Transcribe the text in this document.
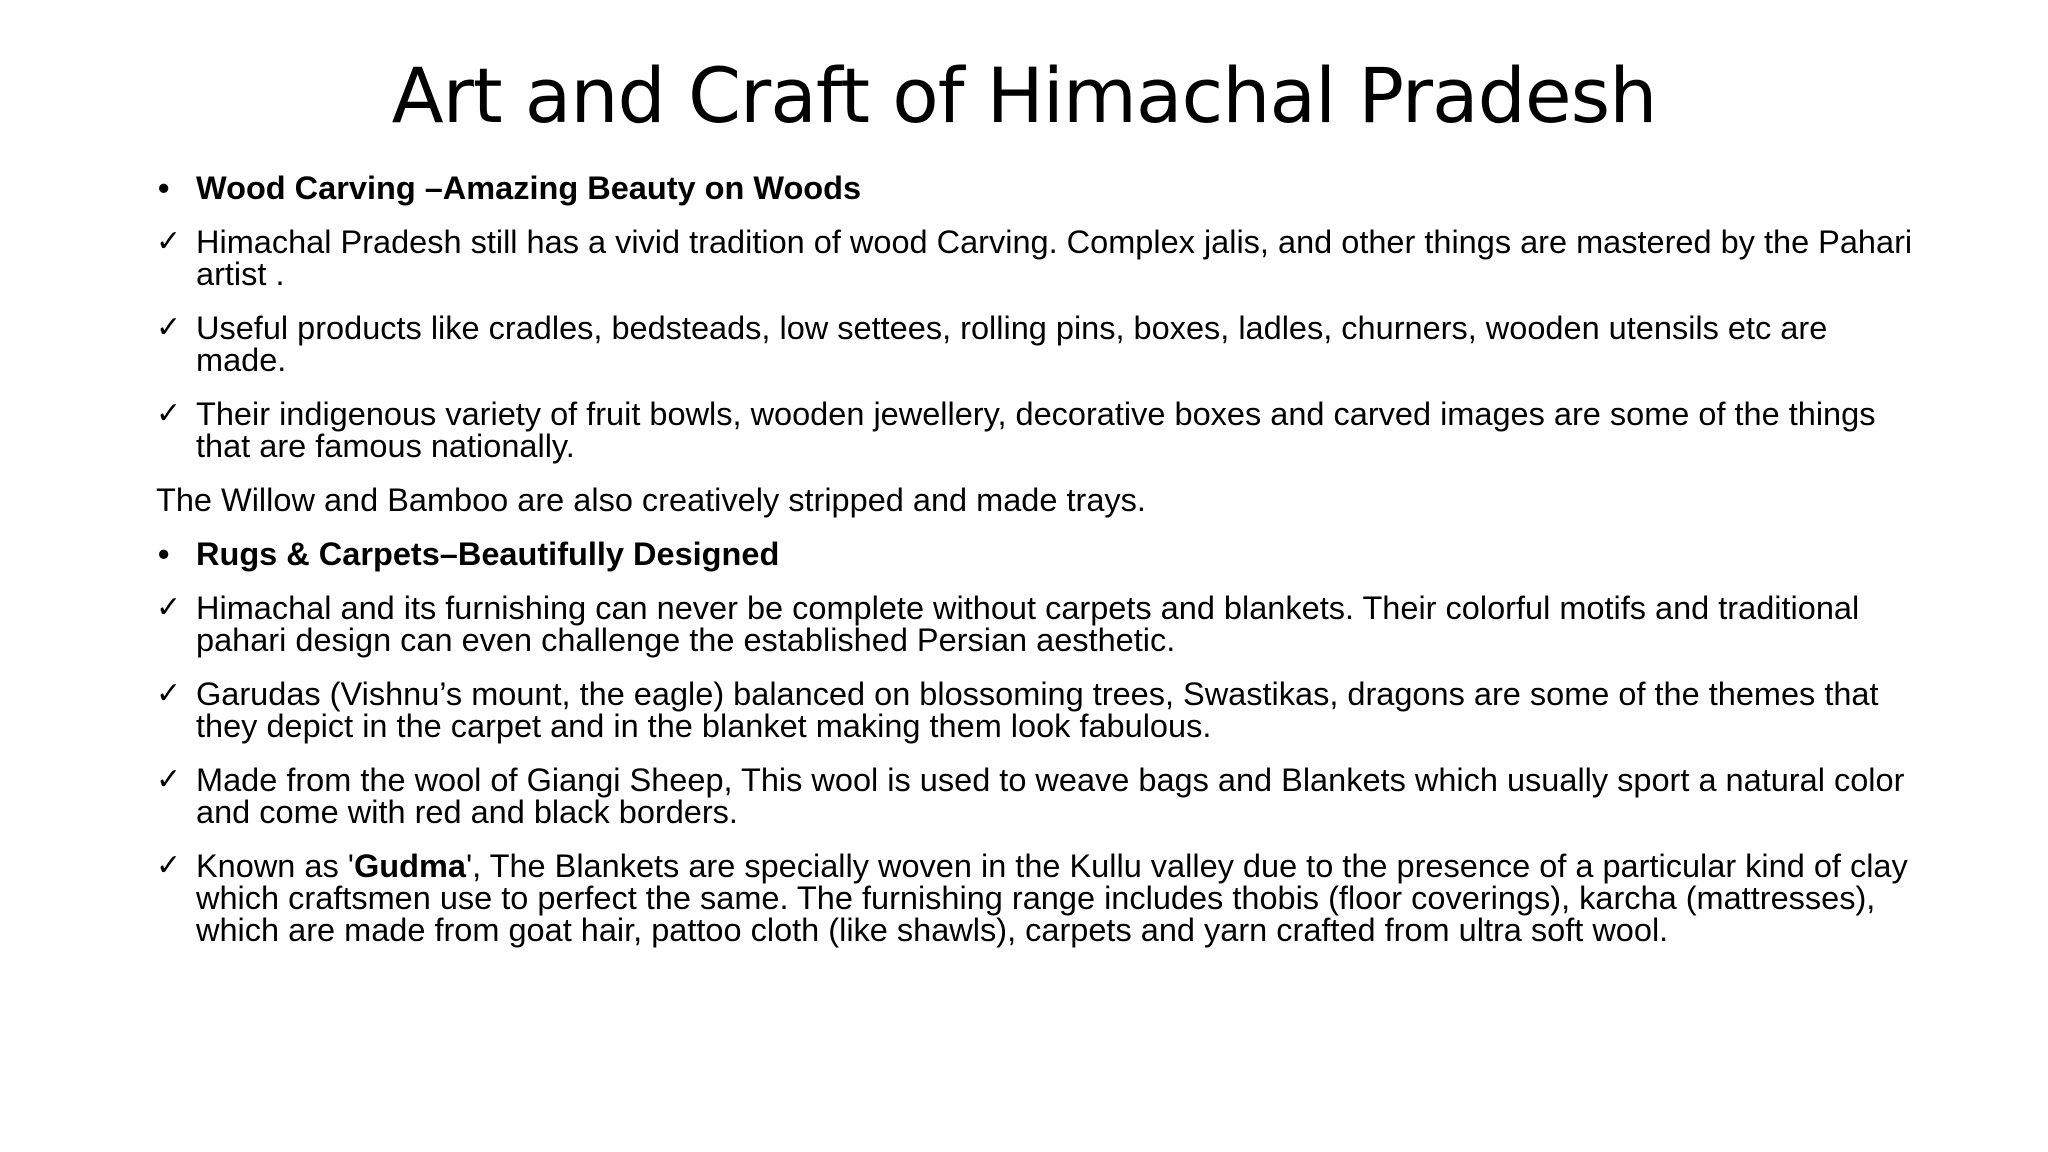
Art and Craft of Himachal Pradesh
• Wood Carving –Amazing Beauty on Woods
✓ Himachal Pradesh still has a vivid tradition of wood Carving. Complex jalis, and other things are mastered by the Pahari artist .
✓ Useful products like cradles, bedsteads, low settees, rolling pins, boxes, ladles, churners, wooden utensils etc are made.
✓ Their indigenous variety of fruit bowls, wooden jewellery, decorative boxes and carved images are some of the things that are famous nationally.
The Willow and Bamboo are also creatively stripped and made trays.
• Rugs & Carpets–Beautifully Designed
✓ Himachal and its furnishing can never be complete without carpets and blankets. Their colorful motifs and traditional pahari design can even challenge the established Persian aesthetic.
✓ Garudas (Vishnu’s mount, the eagle) balanced on blossoming trees, Swastikas, dragons are some of the themes that they depict in the carpet and in the blanket making them look fabulous.
✓ Made from the wool of Giangi Sheep, This wool is used to weave bags and Blankets which usually sport a natural color and come with red and black borders.
✓ Known as 'Gudma', The Blankets are specially woven in the Kullu valley due to the presence of a particular kind of clay which craftsmen use to perfect the same. The furnishing range includes thobis (floor coverings), karcha (mattresses), which are made from goat hair, pattoo cloth (like shawls), carpets and yarn crafted from ultra soft wool.
